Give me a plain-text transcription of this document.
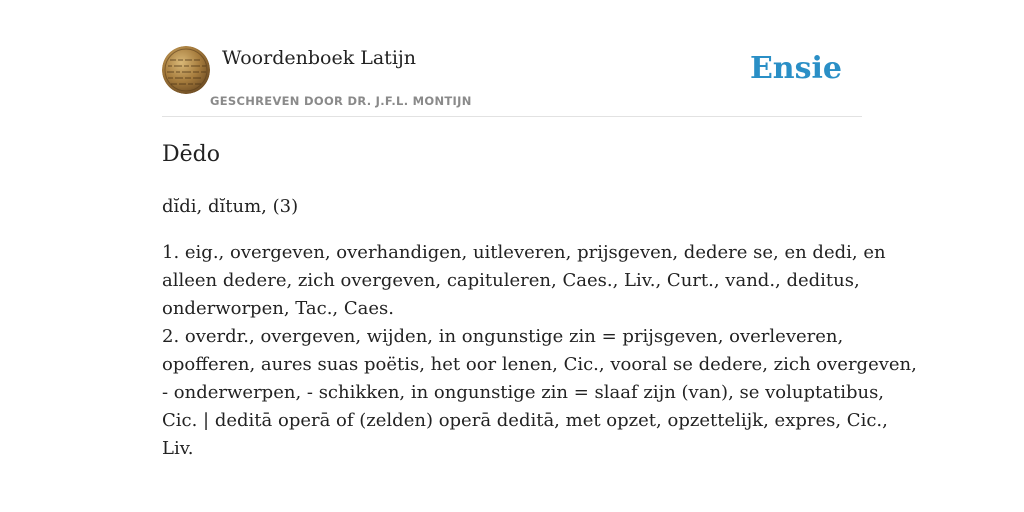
Woordenboek Latijn
GESCHREVEN DOOR DR. J.F.L. MONTIJN
Ensie
Dēdo
dĭdi, dĭtum, (3)
1. eig., overgeven, overhandigen, uitleveren, prijsgeven, dedere se, en dedi, en
alleen dedere, zich overgeven, capituleren, Caes., Liv., Curt., vand., deditus,
onderworpen, Tac., Caes.
2. overdr., overgeven, wijden, in ongunstige zin = prijsgeven, overleveren,
opofferen, aures suas poëtis, het oor lenen, Cic., vooral se dedere, zich overgeven,
- onderwerpen, - schikken, in ongunstige zin = slaaf zijn (van), se voluptatibus,
Cic. | deditā operā of (zelden) operā deditā, met opzet, opzettelijk, expres, Cic.,
Liv.
